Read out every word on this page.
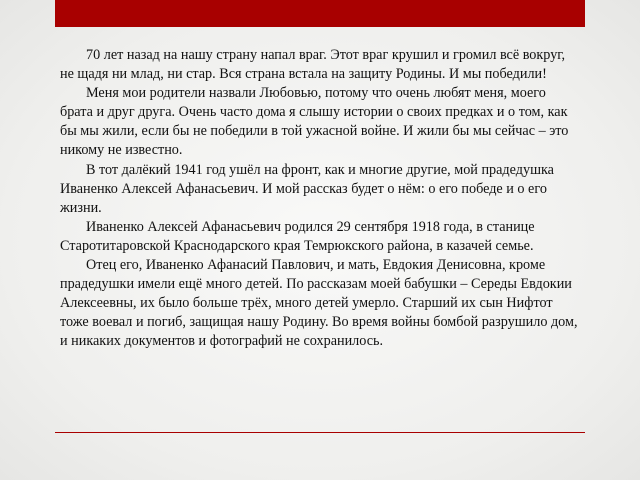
70 лет назад на нашу страну напал враг. Этот враг крушил и громил всё вокруг, не щадя ни млад, ни стар. Вся страна встала на защиту Родины. И мы победили!

Меня мои родители назвали Любовью, потому что очень любят меня, моего брата и друг друга. Очень часто дома я слышу истории о своих предках и о том, как бы мы жили, если бы не победили в той ужасной войне. И жили бы мы сейчас – это никому не известно.

В тот далёкий 1941 год ушёл на фронт, как и многие другие, мой прадедушка Иваненко Алексей Афанасьевич. И мой рассказ будет о нём: о его победе и о его жизни.

Иваненко Алексей Афанасьевич родился 29 сентября 1918 года, в станице Старотитаровской Краснодарского края Темрюкского района, в казачей семье.

Отец его, Иваненко Афанасий Павлович, и мать, Евдокия Денисовна, кроме прадедушки имели ещё много детей. По рассказам моей бабушки – Середы Евдокии Алексеевны, их было больше трёх, много детей умерло. Старший их сын Нифтот тоже воевал и погиб, защищая нашу Родину. Во время войны бомбой разрушило дом, и никаких документов и фотографий не сохранилось.
